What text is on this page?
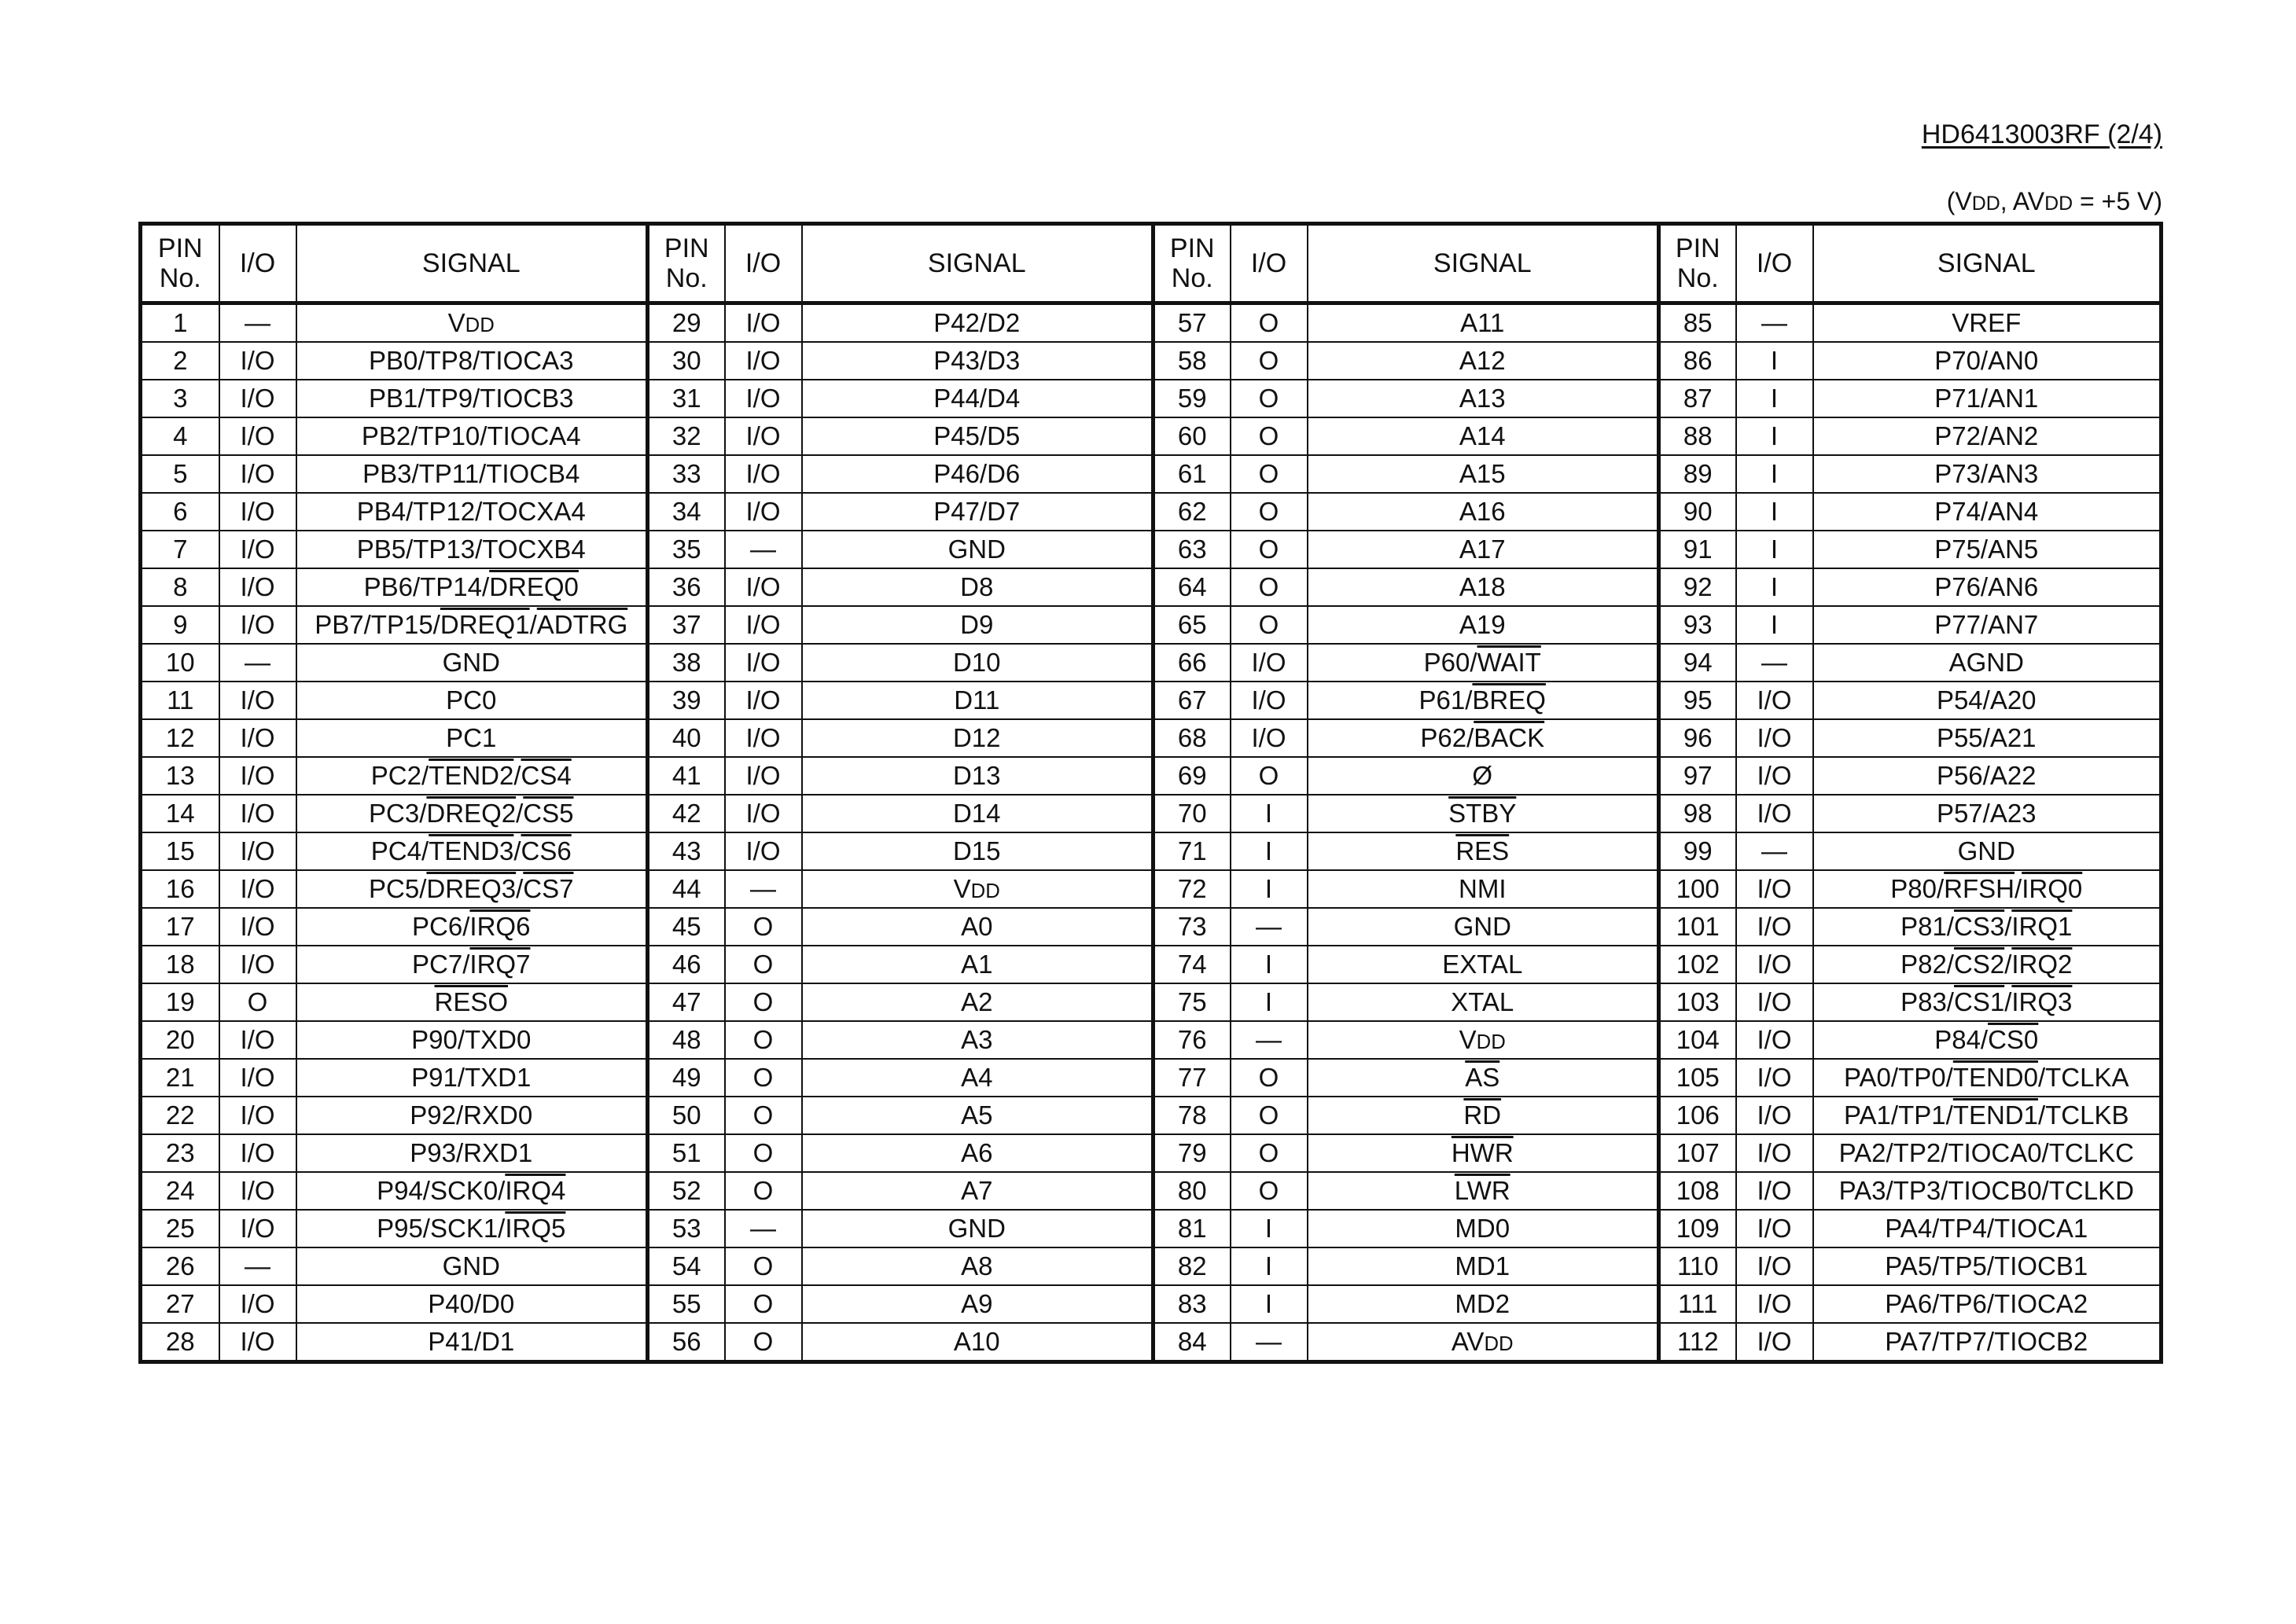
HD6413003RF (2/4)
(VDD, AVDD = +5 V)
PIN
No.	I/O	SIGNAL	PIN
No.	I/O	SIGNAL	PIN
No.	I/O	SIGNAL	PIN
No.	I/O	SIGNAL
1	—	VDD	29	I/O	P42/D2	57	O	A11	85	—	VREF
2	I/O	PB0/TP8/TIOCA3	30	I/O	P43/D3	58	O	A12	86	I	P70/AN0
3	I/O	PB1/TP9/TIOCB3	31	I/O	P44/D4	59	O	A13	87	I	P71/AN1
4	I/O	PB2/TP10/TIOCA4	32	I/O	P45/D5	60	O	A14	88	I	P72/AN2
5	I/O	PB3/TP11/TIOCB4	33	I/O	P46/D6	61	O	A15	89	I	P73/AN3
6	I/O	PB4/TP12/TOCXA4	34	I/O	P47/D7	62	O	A16	90	I	P74/AN4
7	I/O	PB5/TP13/TOCXB4	35	—	GND	63	O	A17	91	I	P75/AN5
8	I/O	PB6/TP14/DREQ0	36	I/O	D8	64	O	A18	92	I	P76/AN6
9	I/O	PB7/TP15/DREQ1/ADTRG	37	I/O	D9	65	O	A19	93	I	P77/AN7
10	—	GND	38	I/O	D10	66	I/O	P60/WAIT	94	—	AGND
11	I/O	PC0	39	I/O	D11	67	I/O	P61/BREQ	95	I/O	P54/A20
12	I/O	PC1	40	I/O	D12	68	I/O	P62/BACK	96	I/O	P55/A21
13	I/O	PC2/TEND2/CS4	41	I/O	D13	69	O	Ø	97	I/O	P56/A22
14	I/O	PC3/DREQ2/CS5	42	I/O	D14	70	I	STBY	98	I/O	P57/A23
15	I/O	PC4/TEND3/CS6	43	I/O	D15	71	I	$\overline{RES}$	99	—	GND
16	I/O	PC5/DREQ3/CS7	44	—	VDD	72	I	NMI	100	I/O	P80/RFSH/IRQ0
17	I/O	PC6/IRQ6	45	O	A0	73	—	GND	101	I/O	P81/CS3/IRQ1
18	I/O	PC7/IRQ7	46	O	A1	74	I	EXTAL	102	I/O	P82/CS2/IRQ2
19	O	RESO	47	O	A2	75	I	XTAL	103	I/O	P83/CS1/IRQ3
20	I/O	P90/TXD0	48	O	A3	76	—	VDD	104	I/O	P84/CS0
21	I/O	P91/TXD1	49	O	A4	77	O	$\overline{AS}$	105	I/O	PA0/TP0/TEND0/TCLKA
22	I/O	P92/RXD0	50	O	A5	78	O	$\overline{RD}$	106	I/O	PA1/TP1/TEND1/TCLKB
23	I/O	P93/RXD1	51	O	A6	79	O	$\overline{HWR}$	107	I/O	PA2/TP2/TIOCA0/TCLKC
24	I/O	P94/SCK0/IRQ4	52	O	A7	80	O	$\overline{LWR}$	108	I/O	PA3/TP3/TIOCB0/TCLKD
25	I/O	P95/SCK1/IRQ5	53	—	GND	81	I	MD0	109	I/O	PA4/TP4/TIOCA1
26	—	GND	54	O	A8	82	I	MD1	110	I/O	PA5/TP5/TIOCB1
27	I/O	P40/D0	55	O	A9	83	I	MD2	111	I/O	PA6/TP6/TIOCA2
28	I/O	P41/D1	56	O	A10	84	—	AVDD	112	I/O	PA7/TP7/TIOCB2
